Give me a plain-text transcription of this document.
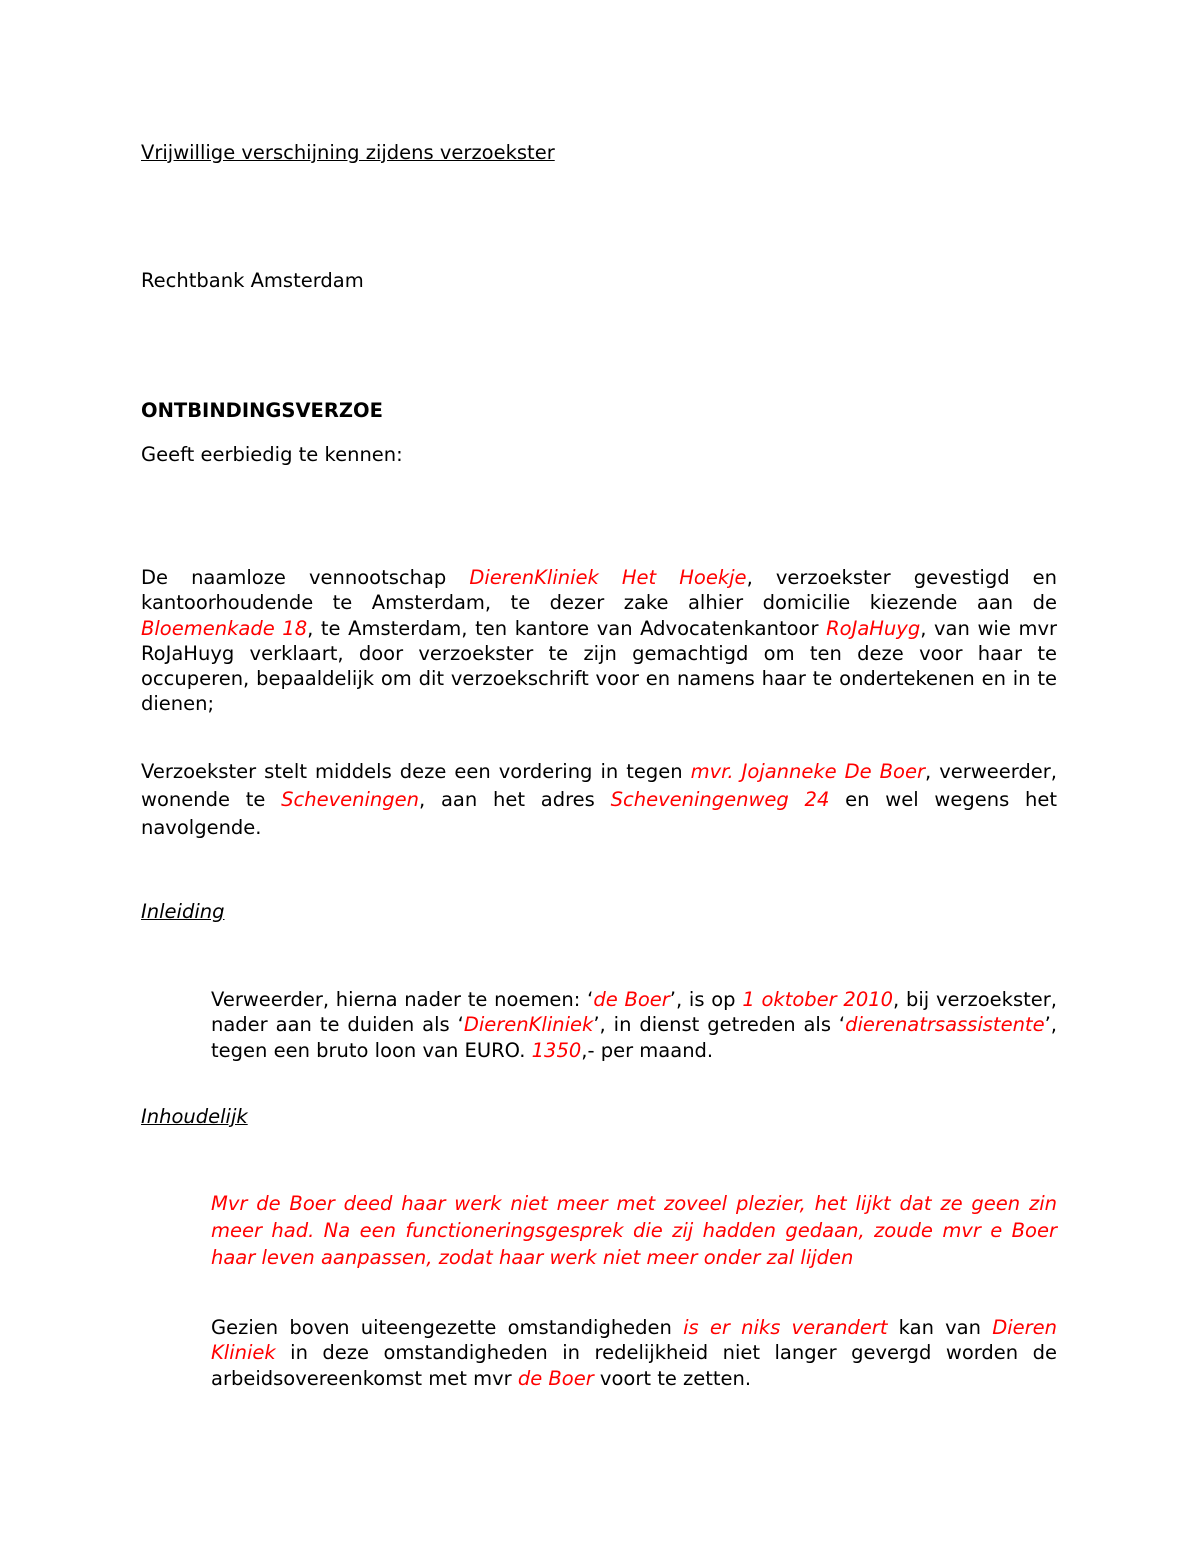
Vrijwillige verschijning zijdens verzoekster

Rechtbank Amsterdam

ONTBINDINGSVERZOE

Geeft eerbiedig te kennen:

De naamloze vennootschap DierenKliniek Het Hoekje, verzoekster gevestigd en kantoorhoudende te Amsterdam, te dezer zake alhier domicilie kiezende aan de Bloemenkade 18, te Amsterdam, ten kantore van Advocatenkantoor RoJaHuyg, van wie mvr RoJaHuyg verklaart, door verzoekster te zijn gemachtigd om ten deze voor haar te occuperen, bepaaldelijk om dit verzoekschrift voor en namens haar te ondertekenen en in te dienen;

Verzoekster stelt middels deze een vordering in tegen mvr. Jojanneke De Boer, verweerder, wonende te Scheveningen, aan het adres Scheveningenweg 24 en wel wegens het navolgende.

Inleiding

Verweerder, hierna nader te noemen: ‘de Boer’, is op 1 oktober 2010, bij verzoekster, nader aan te duiden als ‘DierenKliniek’, in dienst getreden als ‘dierenatrsassistente’, tegen een bruto loon van EURO. 1350,- per maand.

Inhoudelijk

Mvr de Boer deed haar werk niet meer met zoveel plezier, het lijkt dat ze geen zin meer had. Na een functioneringsgesprek die zij hadden gedaan, zoude mvr e Boer haar leven aanpassen, zodat haar werk niet meer onder zal lijden

Gezien boven uiteengezette omstandigheden is er niks verandert kan van Dieren Kliniek in deze omstandigheden in redelijkheid niet langer gevergd worden de arbeidsovereenkomst met mvr de Boer voort te zetten.
